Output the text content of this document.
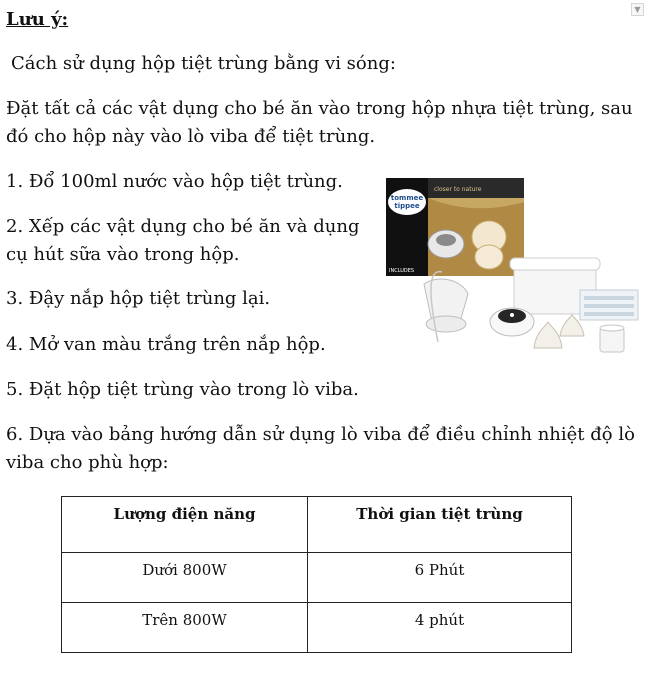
▼

Lưu ý:

Cách sử dụng hộp tiệt trùng bằng vi sóng:

Đặt tất cả các vật dụng cho bé ăn vào trong hộp nhựa tiệt trùng, sau đó cho hộp này vào lò viba để tiệt trùng.

1. Đổ 100ml nước vào hộp tiệt trùng.

2. Xếp các vật dụng cho bé ăn và dụng cụ hút sữa vào trong hộp.

3. Đậy nắp hộp tiệt trùng lại.

4. Mở van màu trắng trên nắp hộp.

5. Đặt hộp tiệt trùng vào trong lò viba.

6. Dựa vào bảng hướng dẫn sử dụng lò viba để điều chỉnh nhiệt độ lò viba cho phù hợp:

tommee
tippee
closer to nature
INCLUDES
Lượng điện năng	Thời gian tiệt trùng
Dưới 800W	6 Phút
Trên 800W	4 phút
